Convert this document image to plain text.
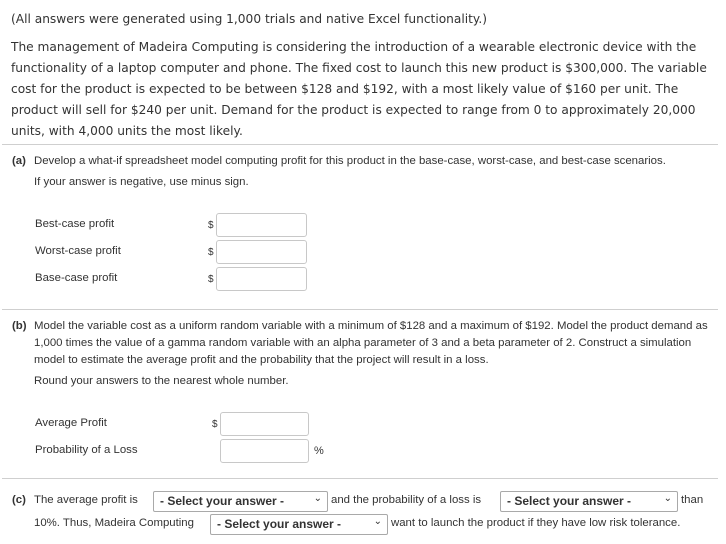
(All answers were generated using 1,000 trials and native Excel functionality.)

The management of Madeira Computing is considering the introduction of a wearable electronic device with the functionality of a laptop computer and phone. The fixed cost to launch this new product is $300,000. The variable cost for the product is expected to be between $128 and $192, with a most likely value of $160 per unit. The product will sell for $240 per unit. Demand for the product is expected to range from 0 to approximately 20,000 units, with 4,000 units the most likely.

(a) Develop a what-if spreadsheet model computing profit for this product in the base-case, worst-case, and best-case scenarios.
If your answer is negative, use minus sign.
Best-case profit	$
Worst-case profit	$
Base-case profit	$
(b) Model the variable cost as a uniform random variable with a minimum of $128 and a maximum of $192. Model the product demand as 1,000 times the value of a gamma random variable with an alpha parameter of 3 and a beta parameter of 2. Construct a simulation model to estimate the average profit and the probability that the project will result in a loss.
Round your answers to the nearest whole number.
Average Profit	$
Probability of a Loss	%
(c) The average profit is	- Select your answer -	⌄ and the probability of a loss is	- Select your answer -	⌄ than
10%. Thus, Madeira Computing	- Select your answer -	⌄ want to launch the product if they have low risk tolerance.
